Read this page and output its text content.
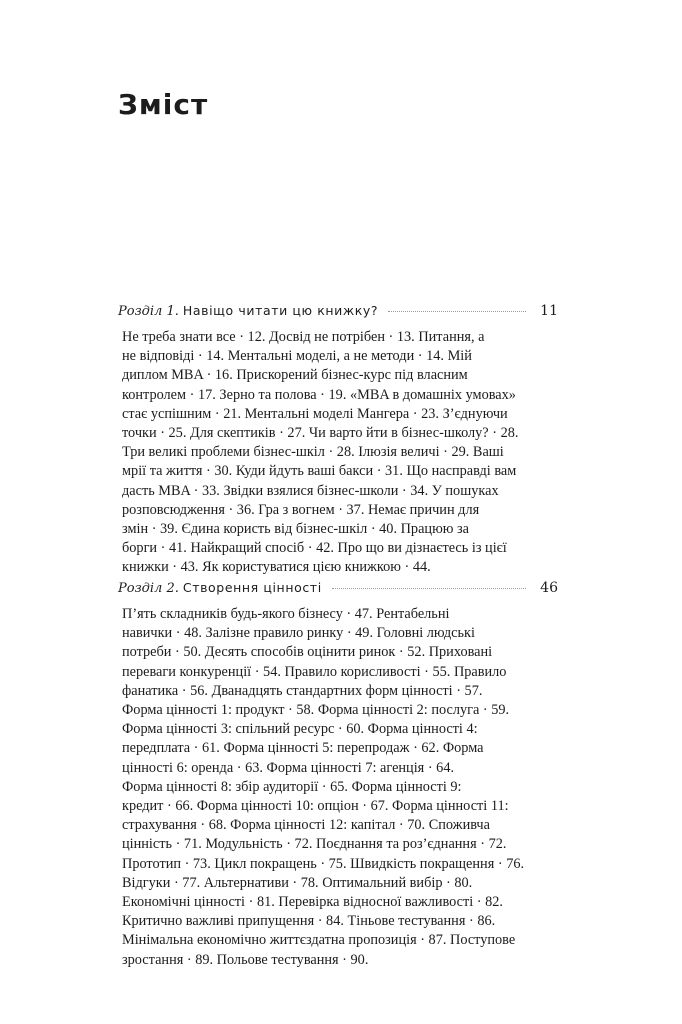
Зміст
Розділ 1. Навіщо читати цю книжку?	11
Не треба знати все · 12. Досвід не потрібен · 13. Питання, а
не відповіді · 14. Ментальні моделі, а не методи · 14. Мій
диплом MBA · 16. Прискорений бізнес-курс під власним
контролем · 17. Зерно та полова · 19. «MBA в домашніх умовах»
стає успішним · 21. Ментальні моделі Мангера · 23. З’єднуючи
точки · 25. Для скептиків · 27. Чи варто йти в бізнес-школу? · 28.
Три великі проблеми бізнес-шкіл · 28. Ілюзія величі · 29. Ваші
мрії та життя · 30. Куди йдуть ваші бакси · 31. Що насправді вам
дасть MBA · 33. Звідки взялися бізнес-школи · 34. У пошуках
розповсюдження · 36. Гра з вогнем · 37. Немає причин для
змін · 39. Єдина користь від бізнес-шкіл · 40. Працюю за
борги · 41. Найкращий спосіб · 42. Про що ви дізнаєтесь із цієї
книжки · 43. Як користуватися цією книжкою · 44.
Розділ 2. Створення цінності	46
П’ять складників будь-якого бізнесу · 47. Рентабельні
навички · 48. Залізне правило ринку · 49. Головні людські
потреби · 50. Десять способів оцінити ринок · 52. Приховані
переваги конкуренції · 54. Правило корисливості · 55. Правило
фанатика · 56. Дванадцять стандартних форм цінності · 57.
Форма цінності 1: продукт · 58. Форма цінності 2: послуга · 59.
Форма цінності 3: спільний ресурс · 60. Форма цінності 4:
передплата · 61. Форма цінності 5: перепродаж · 62. Форма
цінності 6: оренда · 63. Форма цінності 7: агенція · 64.
Форма цінності 8: збір аудиторії · 65. Форма цінності 9:
кредит · 66. Форма цінності 10: опціон · 67. Форма цінності 11:
страхування · 68. Форма цінності 12: капітал · 70. Споживча
цінність · 71. Модульність · 72. Поєднання та роз’єднання · 72.
Прототип · 73. Цикл покращень · 75. Швидкість покращення · 76.
Відгуки · 77. Альтернативи · 78. Оптимальний вибір · 80.
Економічні цінності · 81. Перевірка відносної важливості · 82.
Критично важливі припущення · 84. Тіньове тестування · 86.
Мінімальна економічно життєздатна пропозиція · 87. Поступове
зростання · 89. Польове тестування · 90.
